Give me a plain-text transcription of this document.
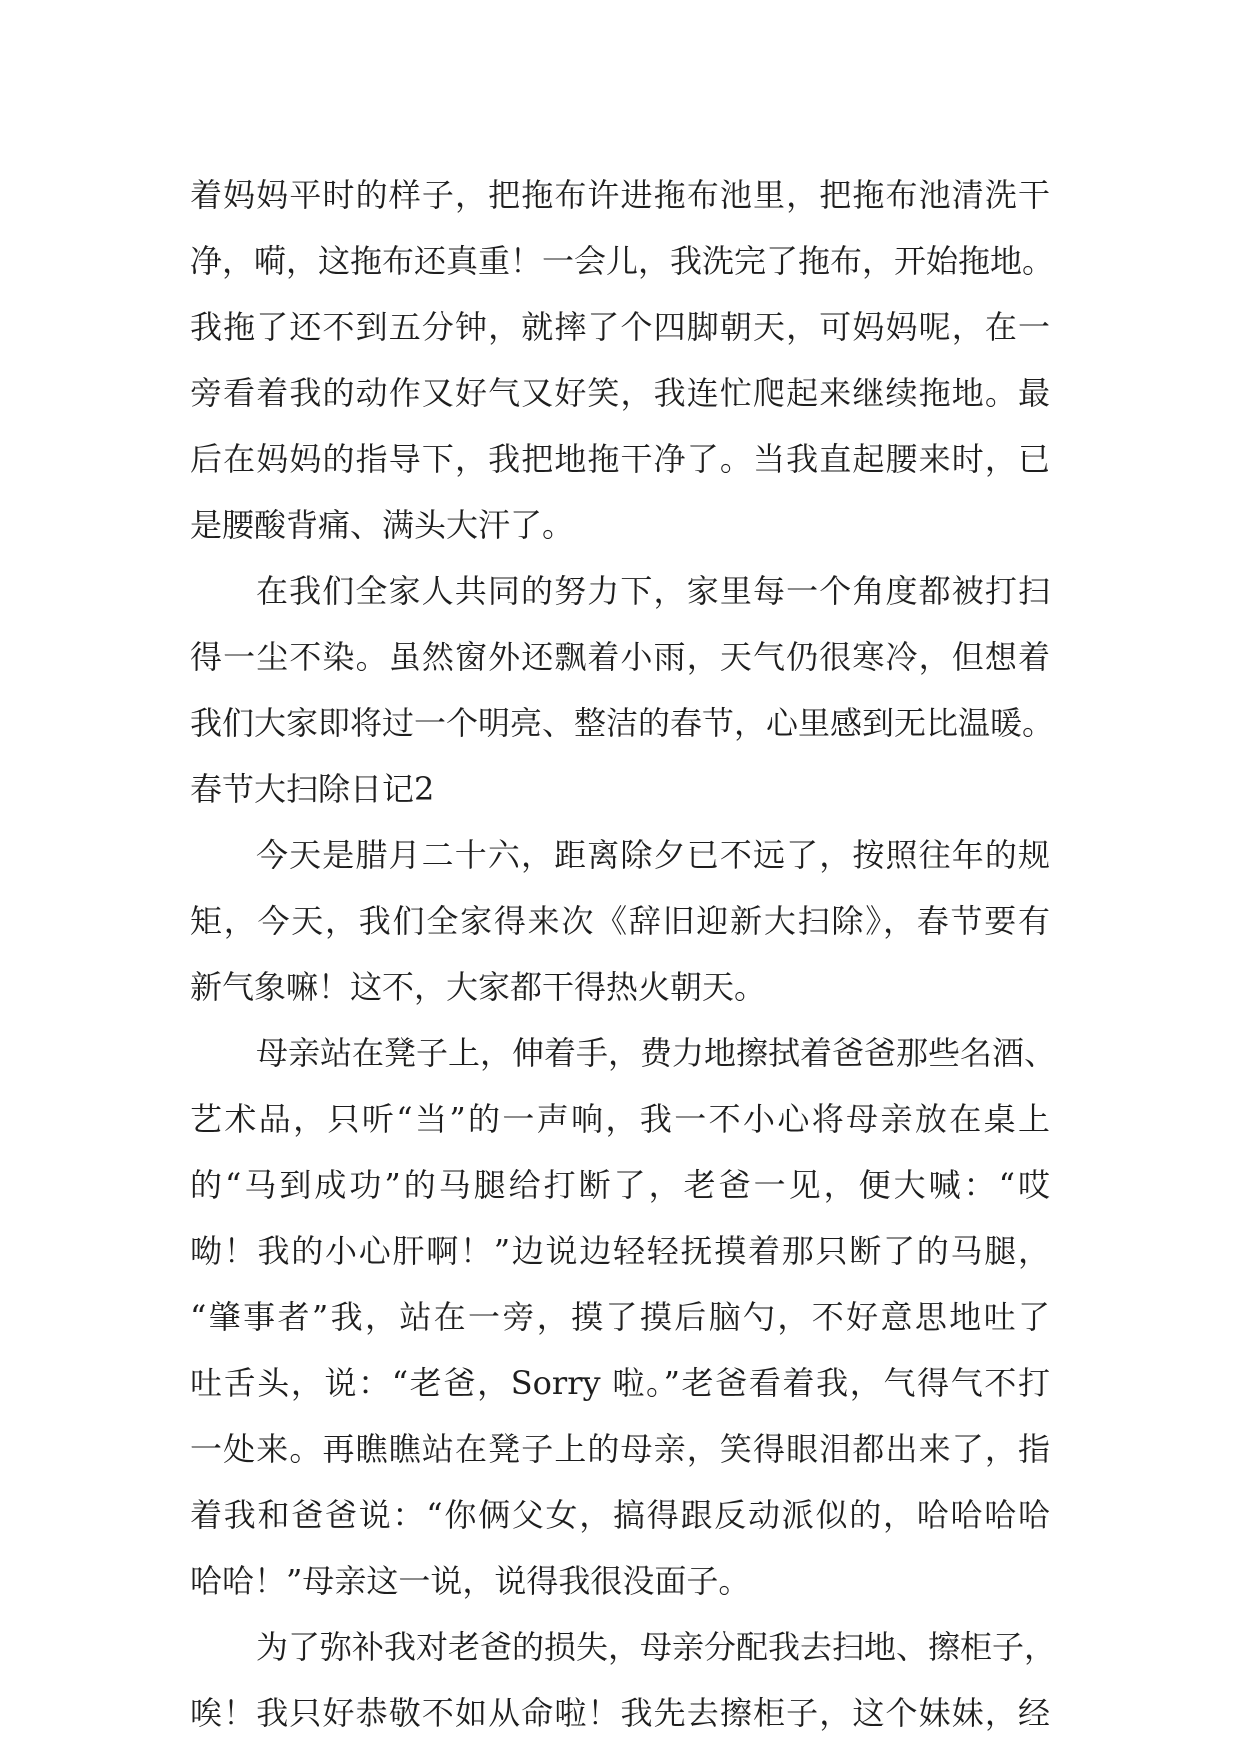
着妈妈平时的样子，把拖布许进拖布池里，把拖布池清洗干
净，嗬，这拖布还真重！一会儿，我洗完了拖布，开始拖地。
我拖了还不到五分钟，就摔了个四脚朝天，可妈妈呢，在一
旁看着我的动作又好气又好笑，我连忙爬起来继续拖地。最
后在妈妈的指导下，我把地拖干净了。当我直起腰来时，已
是腰酸背痛、满头大汗了。
在我们全家人共同的努力下，家里每一个角度都被打扫
得一尘不染。虽然窗外还飘着小雨，天气仍很寒冷，但想着
我们大家即将过一个明亮、整洁的春节，心里感到无比温暖。
春节大扫除日记2
今天是腊月二十六，距离除夕已不远了，按照往年的规
矩，今天，我们全家得来次《辞旧迎新大扫除》，春节要有
新气象嘛！这不，大家都干得热火朝天。
母亲站在凳子上，伸着手，费力地擦拭着爸爸那些名酒、
艺术品，只听“当”的一声响，我一不小心将母亲放在桌上
的“马到成功”的马腿给打断了，老爸一见，便大喊：“哎
呦！我的小心肝啊！”边说边轻轻抚摸着那只断了的马腿，
“肇事者”我，站在一旁，摸了摸后脑勺，不好意思地吐了
吐舌头，说：“老爸，Sorry 啦。”老爸看着我，气得气不打
一处来。再瞧瞧站在凳子上的母亲，笑得眼泪都出来了，指
着我和爸爸说：“你俩父女，搞得跟反动派似的，哈哈哈哈
哈哈！”母亲这一说，说得我很没面子。
为了弥补我对老爸的损失，母亲分配我去扫地、擦柜子，
唉！我只好恭敬不如从命啦！我先去擦柜子，这个妹妹，经
